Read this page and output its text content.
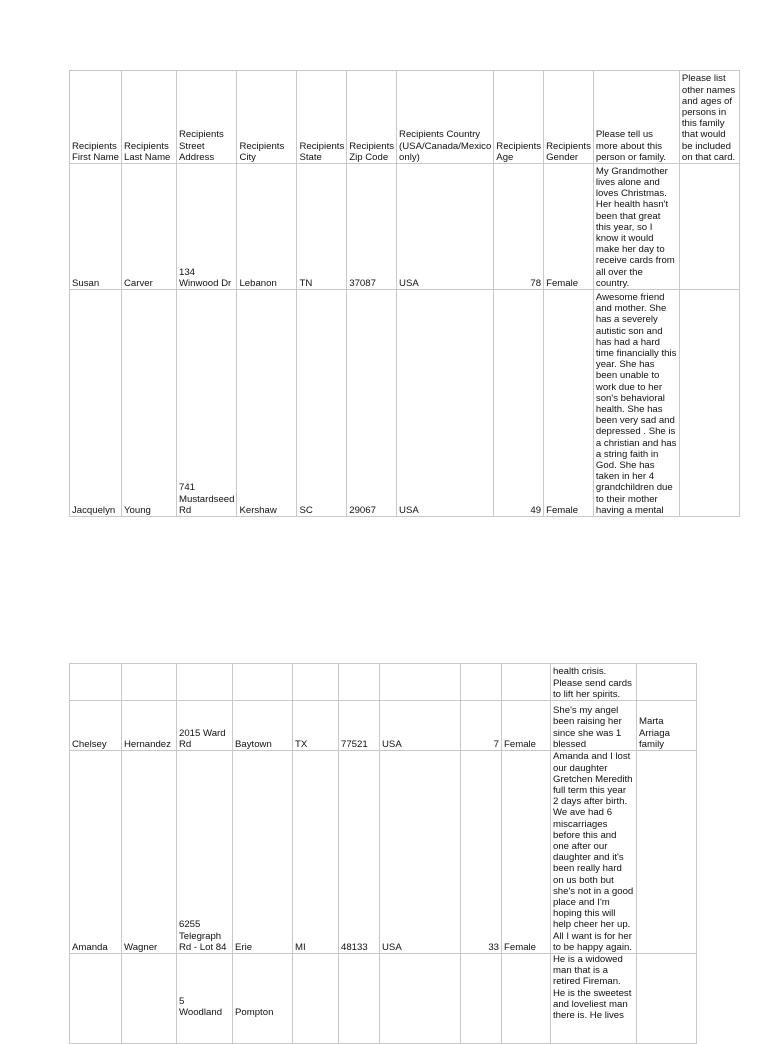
Recipients First Name	Recipients Last Name	Recipients Street Address	Recipients City	Recipients State	Recipients Zip Code	Recipients Country (USA/Canada/Mexico only)	Recipients Age	Recipients Gender	Please tell us more about this person or family.	Please list other names and ages of persons in this family that would be included on that card.
Susan	Carver	134 Winwood Dr	Lebanon	TN	37087	USA	78	Female	My Grandmother lives alone and loves Christmas. Her health hasn't been that great this year, so I know it would make her day to receive cards from all over the country.	
Jacquelyn	Young	741 Mustardseed Rd	Kershaw	SC	29067	USA	49	Female	Awesome friend and mother. She has a severely autistic son and has had a hard time financially this year. She has been unable to work due to her son's behavioral health. She has been very sad and depressed . She is a christian and has a string faith in God. She has taken in her 4 grandchildren due to their mother having a mental	
									health crisis. Please send cards to lift her spirits.	
Chelsey	Hernandez	2015 Ward Rd	Baytown	TX	77521	USA	7	Female	She's my angel been raising her since she was 1 blessed	Marta Arriaga family
Amanda	Wagner	6255 Telegraph Rd - Lot 84	Erie	MI	48133	USA	33	Female	Amanda and I lost our daughter Gretchen Meredith full term this year 2 days after birth. We ave had 6 miscarriages before this and one after our daughter and it's been really hard on us both but she's not in a good place and I'm hoping this will help cheer her up. All I want is for her to be happy again.	
		5 Woodland	Pompton						He is a widowed man that is a retired Fireman. He is the sweetest and loveliest man there is. He lives	
